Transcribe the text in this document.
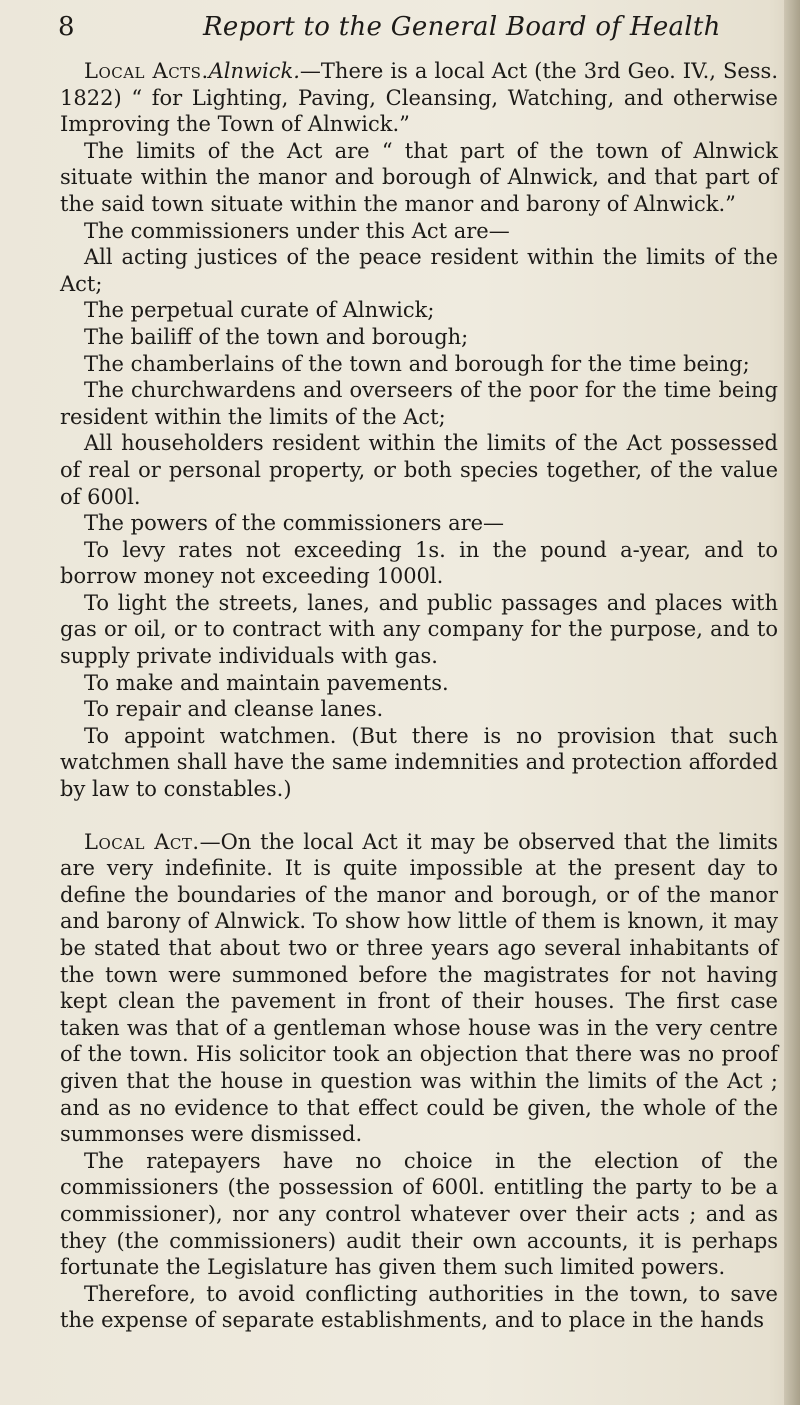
8	Report to the General Board of Health

Local Acts.Alnwick.—There is a local Act (the 3rd Geo. IV., Sess. 1822) “ for Lighting, Paving, Cleansing, Watching, and otherwise Improving the Town of Alnwick.”

The limits of the Act are “ that part of the town of Alnwick situate within the manor and borough of Alnwick, and that part of the said town situate within the manor and barony of Alnwick.”

The commissioners under this Act are—

All acting justices of the peace resident within the limits of the Act;

The perpetual curate of Alnwick;

The bailiff of the town and borough;

The chamberlains of the town and borough for the time being;

The churchwardens and overseers of the poor for the time being resident within the limits of the Act;

All householders resident within the limits of the Act possessed of real or personal property, or both species together, of the value of 600l.

The powers of the commissioners are—

To levy rates not exceeding 1s. in the pound a-year, and to borrow money not exceeding 1000l.

To light the streets, lanes, and public passages and places with gas or oil, or to contract with any company for the purpose, and to supply private individuals with gas.

To make and maintain pavements.

To repair and cleanse lanes.

To appoint watchmen. (But there is no provision that such watchmen shall have the same indemnities and protection afforded by law to constables.)

Local Act.—On the local Act it may be observed that the limits are very indefinite. It is quite impossible at the present day to define the boundaries of the manor and borough, or of the manor and barony of Alnwick. To show how little of them is known, it may be stated that about two or three years ago several inhabitants of the town were summoned before the magistrates for not having kept clean the pavement in front of their houses. The first case taken was that of a gentleman whose house was in the very centre of the town. His solicitor took an objection that there was no proof given that the house in question was within the limits of the Act ; and as no evidence to that effect could be given, the whole of the summonses were dismissed.

The ratepayers have no choice in the election of the commissioners (the possession of 600l. entitling the party to be a commissioner), nor any control whatever over their acts ; and as they (the commissioners) audit their own accounts, it is perhaps fortunate the Legislature has given them such limited powers.

Therefore, to avoid conflicting authorities in the town, to save the expense of separate establishments, and to place in the hands
